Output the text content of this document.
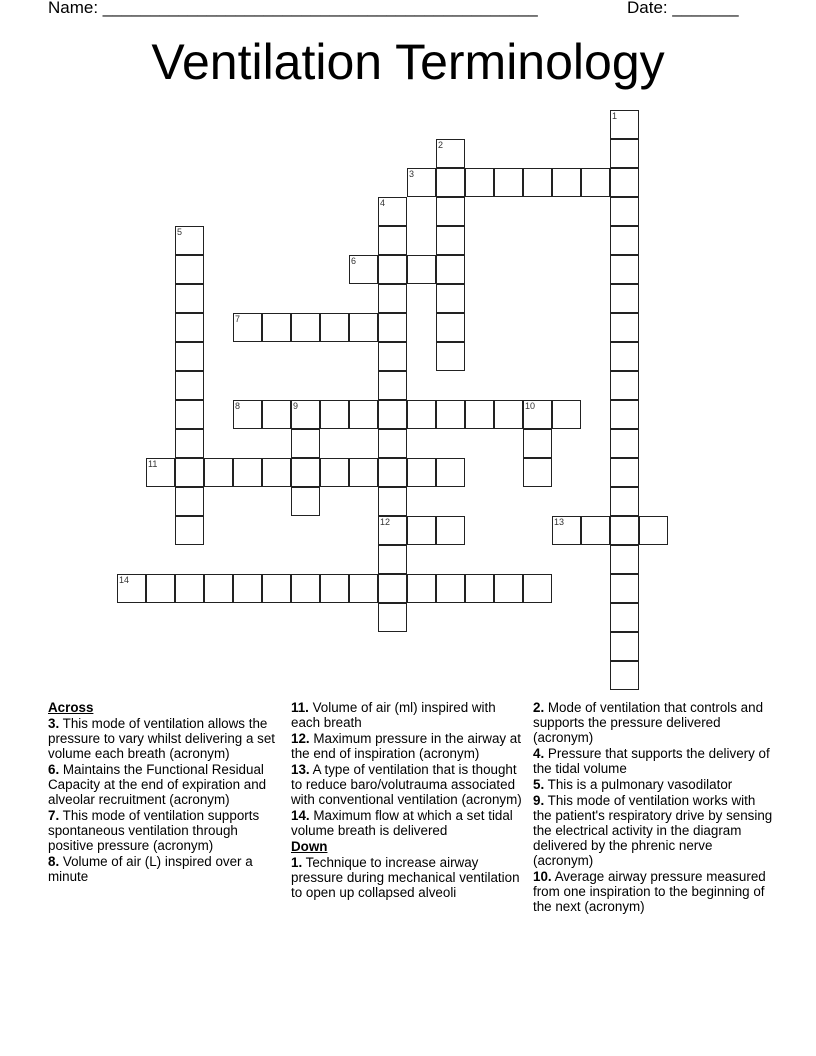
Name: ______________________________________________	Date: _______
Ventilation Terminology
1
2
3
4
12
5
6
7
8	9	10
11
13
14
Across
3. This mode of ventilation allows the pressure to vary whilst delivering a set volume each breath (acronym)
6. Maintains the Functional Residual Capacity at the end of expiration and alveolar recruitment (acronym)
7. This mode of ventilation supports spontaneous ventilation through positive pressure (acronym)
8. Volume of air (L) inspired over a minute
11. Volume of air (ml) inspired with each breath
12. Maximum pressure in the airway at the end of inspiration (acronym)
13. A type of ventilation that is thought to reduce baro/volutrauma associated with conventional ventilation (acronym)
14. Maximum flow at which a set tidal volume breath is delivered
Down
1. Technique to increase airway pressure during mechanical ventilation to open up collapsed alveoli
2. Mode of ventilation that controls and supports the pressure delivered (acronym)
4. Pressure that supports the delivery of the tidal volume
5. This is a pulmonary vasodilator
9. This mode of ventilation works with the patient's respiratory drive by sensing the electrical activity in the diagram delivered by the phrenic nerve (acronym)
10. Average airway pressure measured from one inspiration to the beginning of the next (acronym)
